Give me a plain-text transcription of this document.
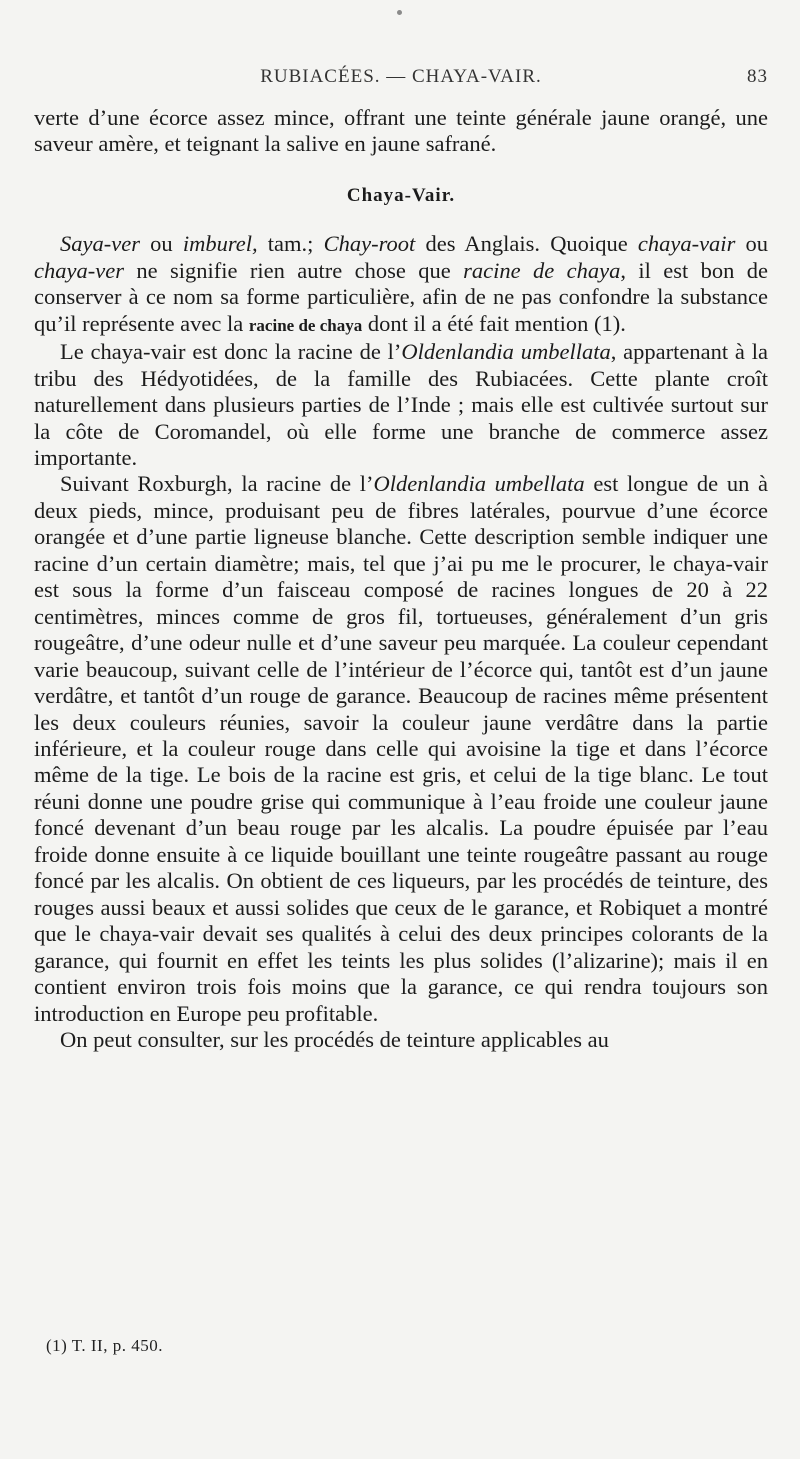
RUBIACÉES. — CHAYA-VAIR.	83

verte d’une écorce assez mince, offrant une teinte générale jaune orangé, une saveur amère, et teignant la salive en jaune safrané.

Chaya-Vair.

Saya-ver ou imburel, tam.; Chay-root des Anglais. Quoique chaya-vair ou chaya-ver ne signifie rien autre chose que racine de chaya, il est bon de conserver à ce nom sa forme particulière, afin de ne pas confondre la substance qu’il représente avec la racine de chaya dont il a été fait mention (1).

Le chaya-vair est donc la racine de l’Oldenlandia umbellata, appartenant à la tribu des Hédyotidées, de la famille des Rubiacées. Cette plante croît naturellement dans plusieurs parties de l’Inde ; mais elle est cultivée surtout sur la côte de Coromandel, où elle forme une branche de commerce assez importante.

Suivant Roxburgh, la racine de l’Oldenlandia umbellata est longue de un à deux pieds, mince, produisant peu de fibres latérales, pourvue d’une écorce orangée et d’une partie ligneuse blanche. Cette description semble indiquer une racine d’un certain diamètre; mais, tel que j’ai pu me le procurer, le chaya-vair est sous la forme d’un faisceau composé de racines longues de 20 à 22 centimètres, minces comme de gros fil, tortueuses, généralement d’un gris rougeâtre, d’une odeur nulle et d’une saveur peu marquée. La couleur cependant varie beaucoup, suivant celle de l’intérieur de l’écorce qui, tantôt est d’un jaune verdâtre, et tantôt d’un rouge de garance. Beaucoup de racines même présentent les deux couleurs réunies, savoir la couleur jaune verdâtre dans la partie inférieure, et la couleur rouge dans celle qui avoisine la tige et dans l’écorce même de la tige. Le bois de la racine est gris, et celui de la tige blanc. Le tout réuni donne une poudre grise qui communique à l’eau froide une couleur jaune foncé devenant d’un beau rouge par les alcalis. La poudre épuisée par l’eau froide donne ensuite à ce liquide bouillant une teinte rougeâtre passant au rouge foncé par les alcalis. On obtient de ces liqueurs, par les procédés de teinture, des rouges aussi beaux et aussi solides que ceux de le garance, et Robiquet a montré que le chaya-vair devait ses qualités à celui des deux principes colorants de la garance, qui fournit en effet les teints les plus solides (l’alizarine); mais il en contient environ trois fois moins que la garance, ce qui rendra toujours son introduction en Europe peu profitable.

On peut consulter, sur les procédés de teinture applicables au

(1) T. II, p. 450.
